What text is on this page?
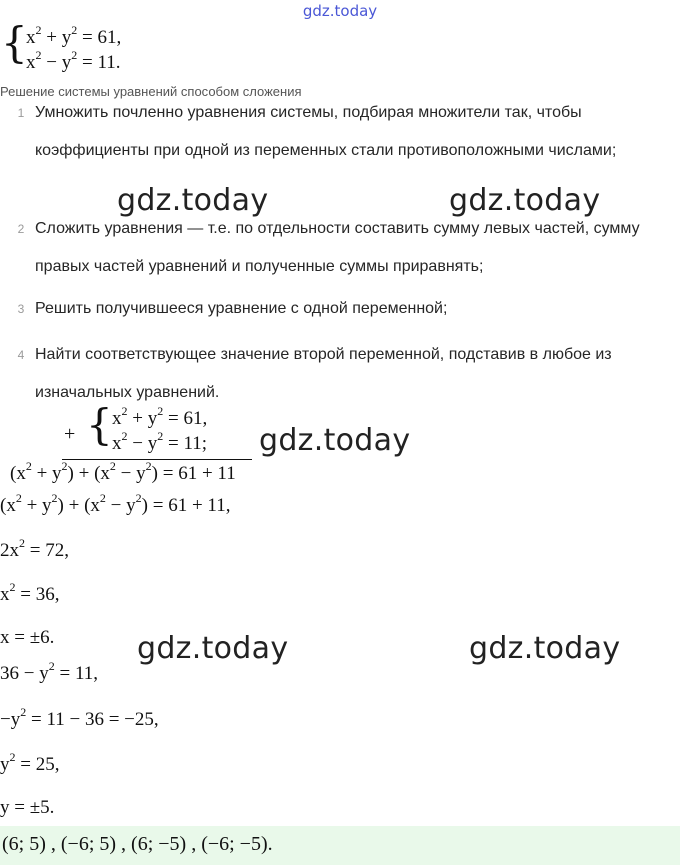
gdz.today
{
$x^2 + y^2 = 61$,
$x^2 - y^2 = 11$.
Решение системы уравнений способом сложения
1 Умножить почленно уравнения системы, подбирая множители так, чтобы коэффициенты при одной из переменных стали противоположными числами;
2 Сложить уравнения — т.е. по отдельности составить сумму левых частей, сумму правых частей уравнений и полученные суммы приравнять;
3 Решить получившееся уравнение с одной переменной;
4 Найти соответствующее значение второй переменной, подставив в любое из изначальных уравнений.
+ { $x^2 + y^2 = 61$,
$x^2 - y^2 = 11$;
$(x^2 + y^2) + (x^2 - y^2) = 61 + 11$
$(x^2 + y^2) + (x^2 - y^2) = 61 + 11$,
$2x^2 = 72$,
$x^2 = 36$,
x = ±6.
$36 - y^2 = 11$,
$-y^2 = 11 - 36 = -25$,
$y^2 = 25$,
y = ±5.
(6; 5) , (−6; 5) , (6; −5) , (−6; −5).
gdz.today	gdz.today
gdz.today
gdz.today	gdz.today
